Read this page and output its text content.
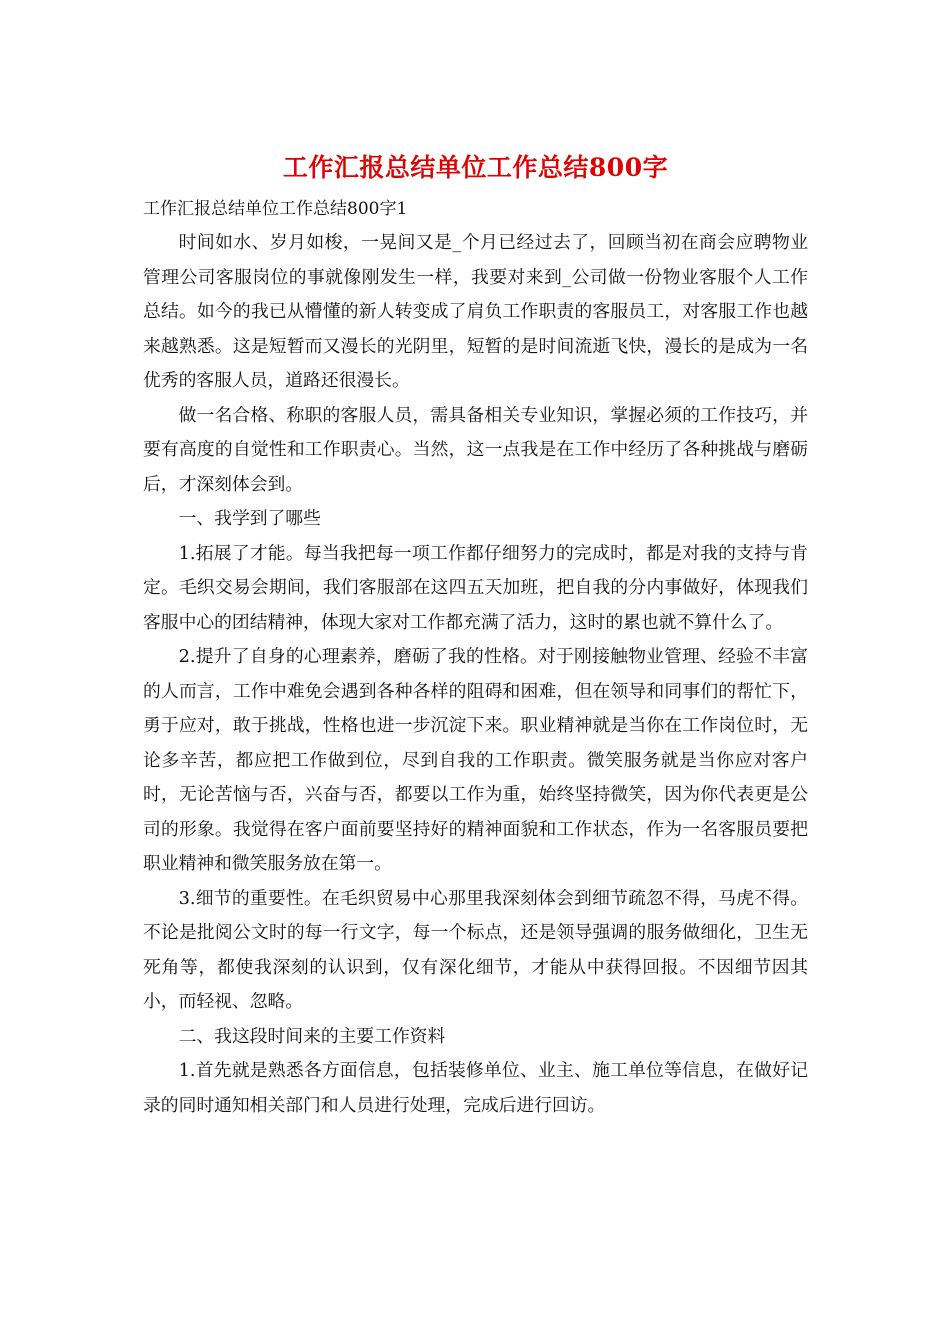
工作汇报总结单位工作总结800字

工作汇报总结单位工作总结800字1

时间如水、岁月如梭，一晃间又是_个月已经过去了，回顾当初在商会应聘物业管理公司客服岗位的事就像刚发生一样，我要对来到_公司做一份物业客服个人工作总结。如今的我已从懵懂的新人转变成了肩负工作职责的客服员工，对客服工作也越来越熟悉。这是短暂而又漫长的光阴里，短暂的是时间流逝飞快，漫长的是成为一名优秀的客服人员，道路还很漫长。

做一名合格、称职的客服人员，需具备相关专业知识，掌握必须的工作技巧，并要有高度的自觉性和工作职责心。当然，这一点我是在工作中经历了各种挑战与磨砺后，才深刻体会到。

一、我学到了哪些

1.拓展了才能。每当我把每一项工作都仔细努力的完成时，都是对我的支持与肯定。毛织交易会期间，我们客服部在这四五天加班，把自我的分内事做好，体现我们客服中心的团结精神，体现大家对工作都充满了活力，这时的累也就不算什么了。

2.提升了自身的心理素养，磨砺了我的性格。对于刚接触物业管理、经验不丰富的人而言，工作中难免会遇到各种各样的阻碍和困难，但在领导和同事们的帮忙下，勇于应对，敢于挑战，性格也进一步沉淀下来。职业精神就是当你在工作岗位时，无论多辛苦，都应把工作做到位，尽到自我的工作职责。微笑服务就是当你应对客户时，无论苦恼与否，兴奋与否，都要以工作为重，始终坚持微笑，因为你代表更是公司的形象。我觉得在客户面前要坚持好的精神面貌和工作状态，作为一名客服员要把职业精神和微笑服务放在第一。

3.细节的重要性。在毛织贸易中心那里我深刻体会到细节疏忽不得，马虎不得。不论是批阅公文时的每一行文字，每一个标点，还是领导强调的服务做细化，卫生无死角等，都使我深刻的认识到，仅有深化细节，才能从中获得回报。不因细节因其小，而轻视、忽略。

二、我这段时间来的主要工作资料

1.首先就是熟悉各方面信息，包括装修单位、业主、施工单位等信息，在做好记录的同时通知相关部门和人员进行处理，完成后进行回访。
